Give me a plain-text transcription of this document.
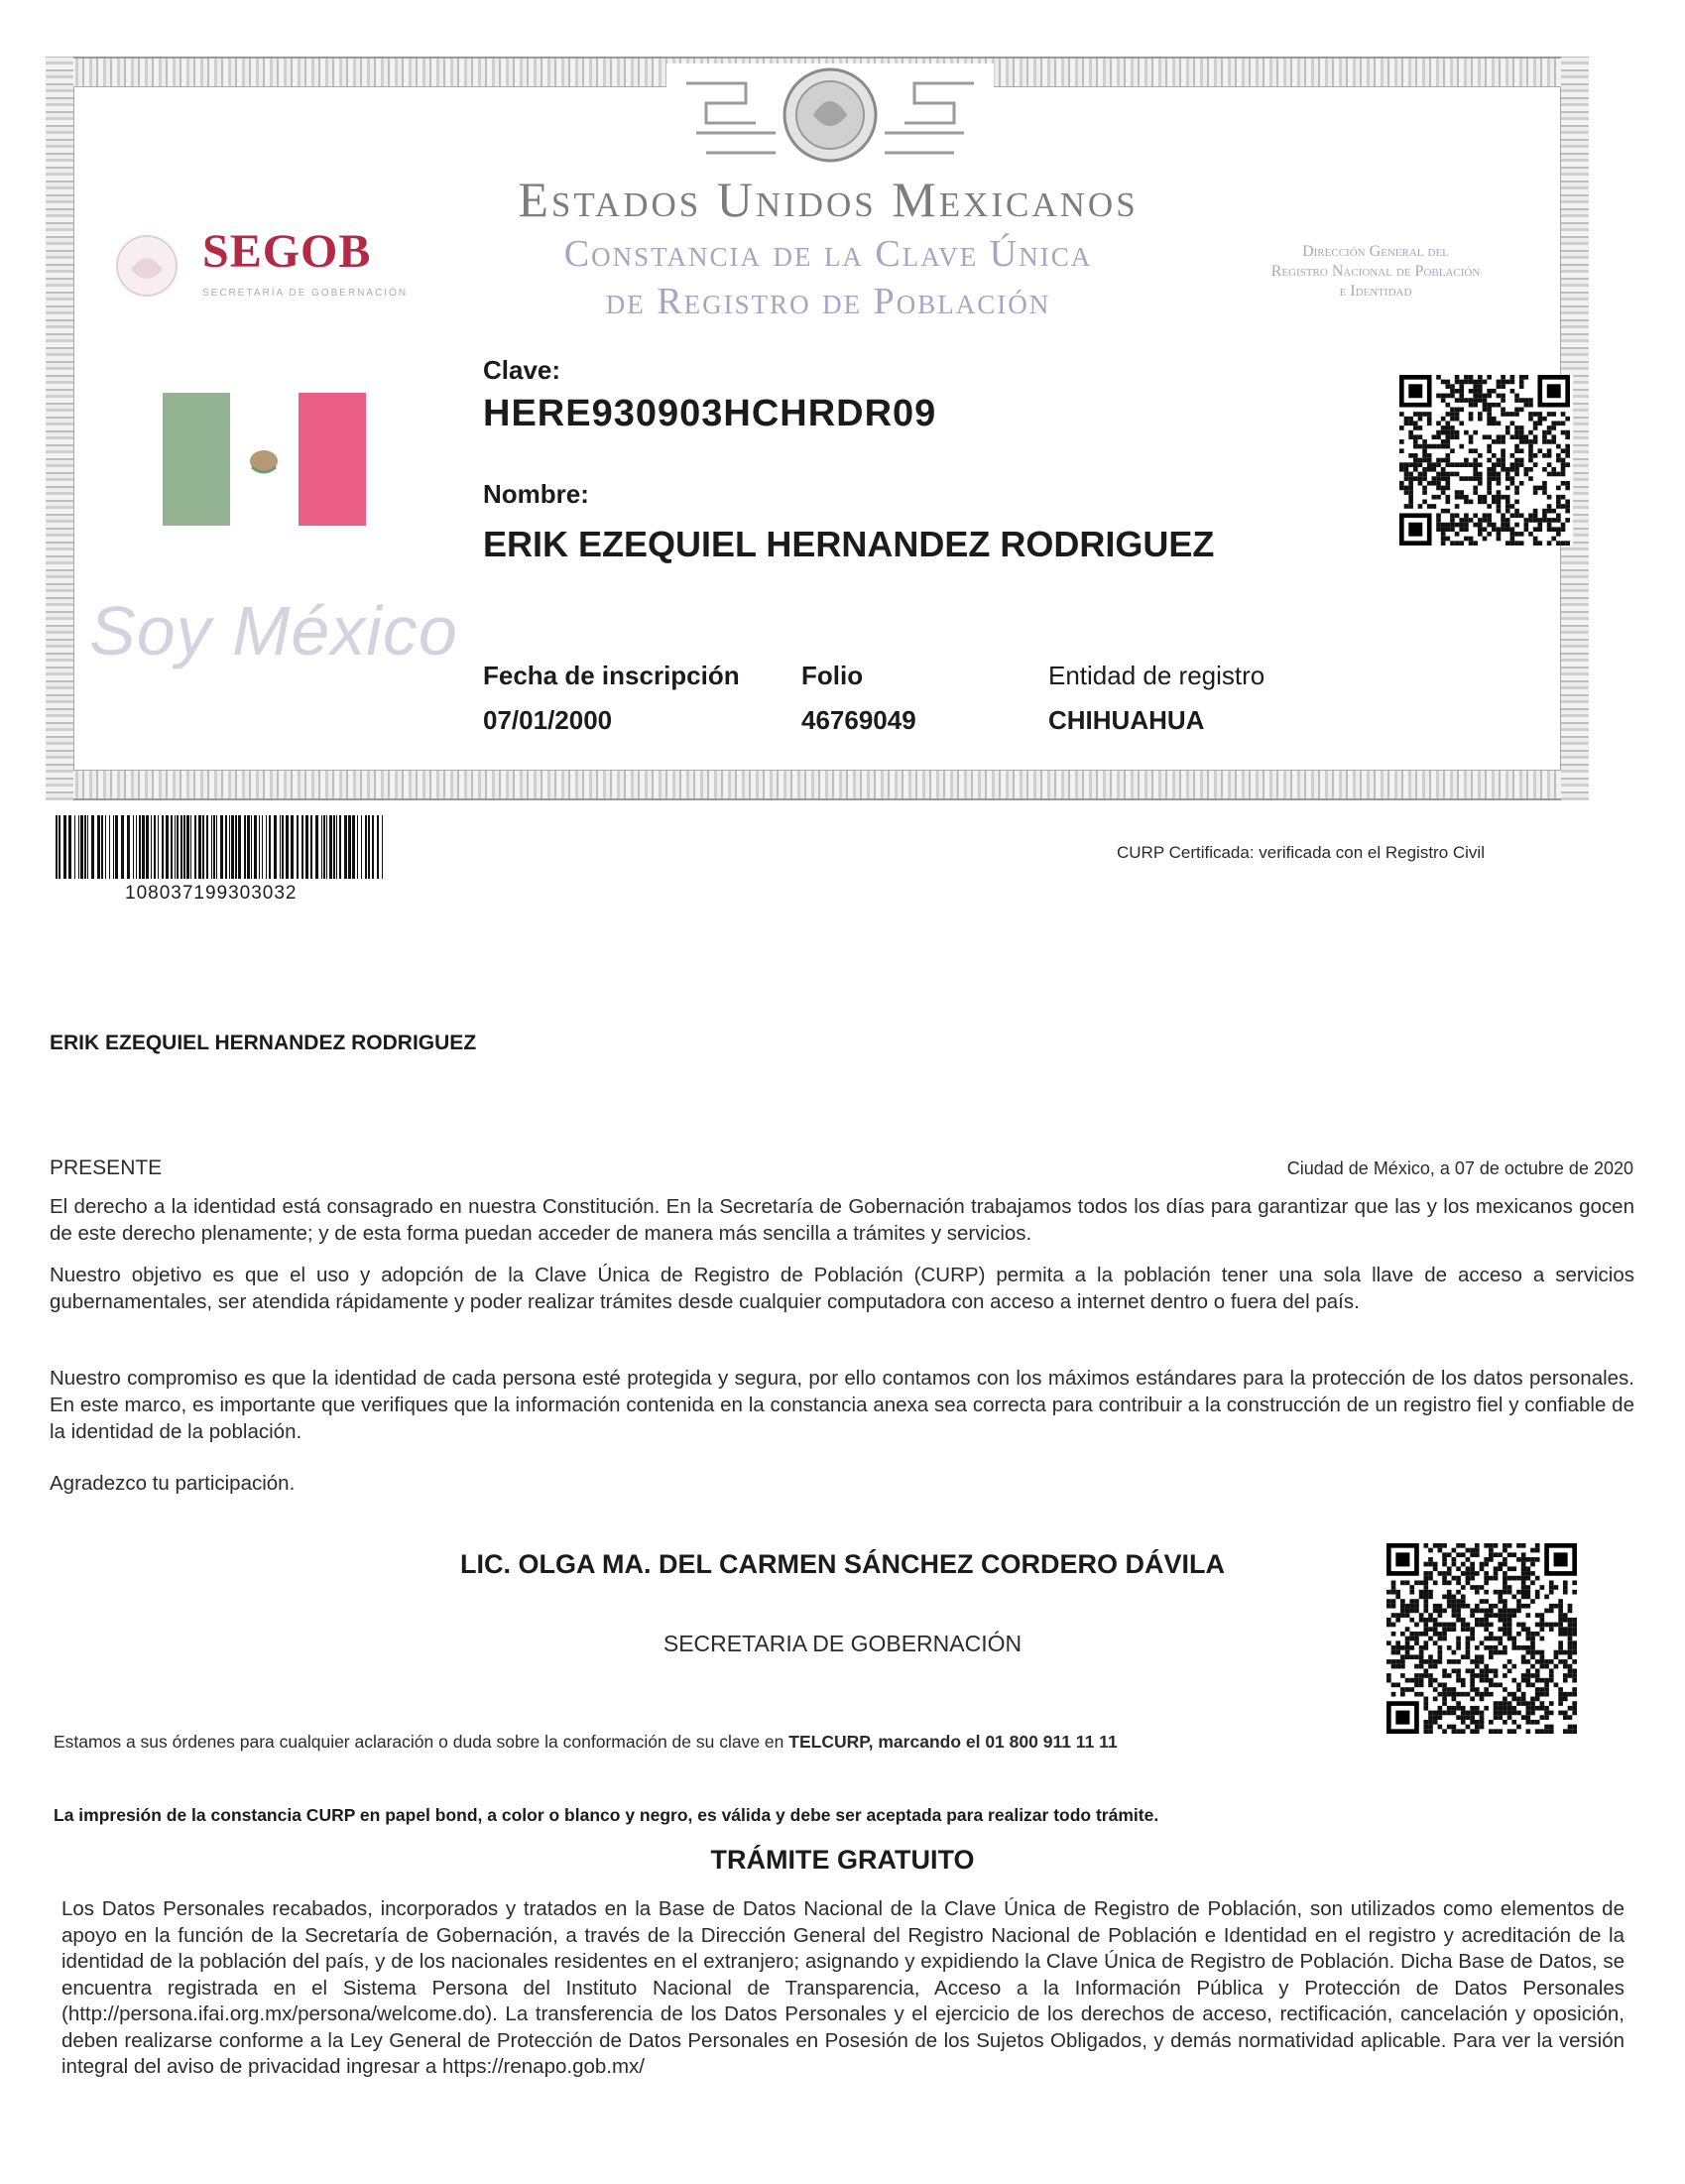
SEGOB
SECRETARÍA DE GOBERNACIÓN
Estados Unidos Mexicanos
Constancia de la Clave Única
de Registro de Población
Dirección General del
Registro Nacional de Población
e Identidad
Soy México
Clave:
HERE930903HCHRDR09
Nombre:
ERIK EZEQUIEL HERNANDEZ RODRIGUEZ
Fecha de inscripción
07/01/2000
Folio
46769049
Entidad de registro
CHIHUAHUA
108037199303032
CURP Certificada: verificada con el Registro Civil
ERIK EZEQUIEL HERNANDEZ RODRIGUEZ
PRESENTE	Ciudad de México, a 07 de octubre de 2020
El derecho a la identidad está consagrado en nuestra Constitución. En la Secretaría de Gobernación trabajamos todos los días para garantizar que las y los mexicanos gocen de este derecho plenamente; y de esta forma puedan acceder de manera más sencilla a trámites y servicios.
Nuestro objetivo es que el uso y adopción de la Clave Única de Registro de Población (CURP) permita a la población tener una sola llave de acceso a servicios gubernamentales, ser atendida rápidamente y poder realizar trámites desde cualquier computadora con acceso a internet dentro o fuera del país.
Nuestro compromiso es que la identidad de cada persona esté protegida y segura, por ello contamos con los máximos estándares para la protección de los datos personales. En este marco, es importante que verifiques que la información contenida en la constancia anexa sea correcta para contribuir a la construcción de un registro fiel y confiable de la identidad de la población.
Agradezco tu participación.
LIC. OLGA MA. DEL CARMEN SÁNCHEZ CORDERO DÁVILA
SECRETARIA DE GOBERNACIÓN
Estamos a sus órdenes para cualquier aclaración o duda sobre la conformación de su clave en TELCURP, marcando el 01 800 911 11 11
La impresión de la constancia CURP en papel bond, a color o blanco y negro, es válida y debe ser aceptada para realizar todo trámite.
TRÁMITE GRATUITO
Los Datos Personales recabados, incorporados y tratados en la Base de Datos Nacional de la Clave Única de Registro de Población, son utilizados como elementos de apoyo en la función de la Secretaría de Gobernación, a través de la Dirección General del Registro Nacional de Población e Identidad en el registro y acreditación de la identidad de la población del país, y de los nacionales residentes en el extranjero; asignando y expidiendo la Clave Única de Registro de Población. Dicha Base de Datos, se encuentra registrada en el Sistema Persona del Instituto Nacional de Transparencia, Acceso a la Información Pública y Protección de Datos Personales (http://persona.ifai.org.mx/persona/welcome.do). La transferencia de los Datos Personales y el ejercicio de los derechos de acceso, rectificación, cancelación y oposición, deben realizarse conforme a la Ley General de Protección de Datos Personales en Posesión de los Sujetos Obligados, y demás normatividad aplicable. Para ver la versión integral del aviso de privacidad ingresar a https://renapo.gob.mx/
